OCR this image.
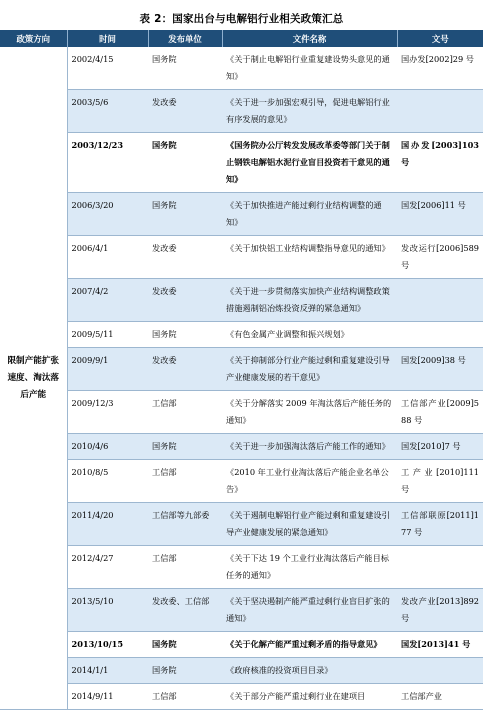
表 2：国家出台与电解铝行业相关政策汇总
政策方向	时间	发布单位	文件名称	文号
限制产能扩张速度、淘汰落后产能	2002/4/15	国务院	《关于制止电解铝行业重复建设势头意见的通知》	国办发[2002]29 号
	2003/5/6	发改委	《关于进一步加强宏观引导，促进电解铝行业有序发展的意见》	
	2003/12/23	国务院	《国务院办公厅转发发展改革委等部门关于制止钢铁电解铝水泥行业盲目投资若干意见的通知》	国办发[2003]103 号
	2006/3/20	国务院	《关于加快推进产能过剩行业结构调整的通知》	国发[2006]11 号
	2006/4/1	发改委	《关于加快铝工业结构调整指导意见的通知》	发改运行[2006]589 号
	2007/4/2	发改委	《关于进一步贯彻落实加快产业结构调整政策措施遏制铝冶炼投资反弹的紧急通知》	
	2009/5/11	国务院	《有色金属产业调整和振兴规划》	
	2009/9/1	发改委	《关于抑制部分行业产能过剩和重复建设引导产业健康发展的若干意见》	国发[2009]38 号
	2009/12/3	工信部	《关于分解落实 2009 年淘汰落后产能任务的通知》	工信部产业[2009]588 号
	2010/4/6	国务院	《关于进一步加强淘汰落后产能工作的通知》	国发[2010]7 号
	2010/8/5	工信部	《2010 年工业行业淘汰落后产能企业名单公告》	工产业[2010]111 号
	2011/4/20	工信部等九部委	《关于遏制电解铝行业产能过剩和重复建设引导产业健康发展的紧急通知》	工信部联原[2011]177 号
	2012/4/27	工信部	《关于下达 19 个工业行业淘汰落后产能目标任务的通知》	
	2013/5/10	发改委、工信部	《关于坚决遏制产能严重过剩行业盲目扩张的通知》	发改产业[2013]892 号
	2013/10/15	国务院	《关于化解产能严重过剩矛盾的指导意见》	国发[2013]41 号
	2014/1/1	国务院	《政府核准的投资项目目录》	
	2014/9/11	工信部	《关于部分产能严重过剩行业在建项目	工信部产业
